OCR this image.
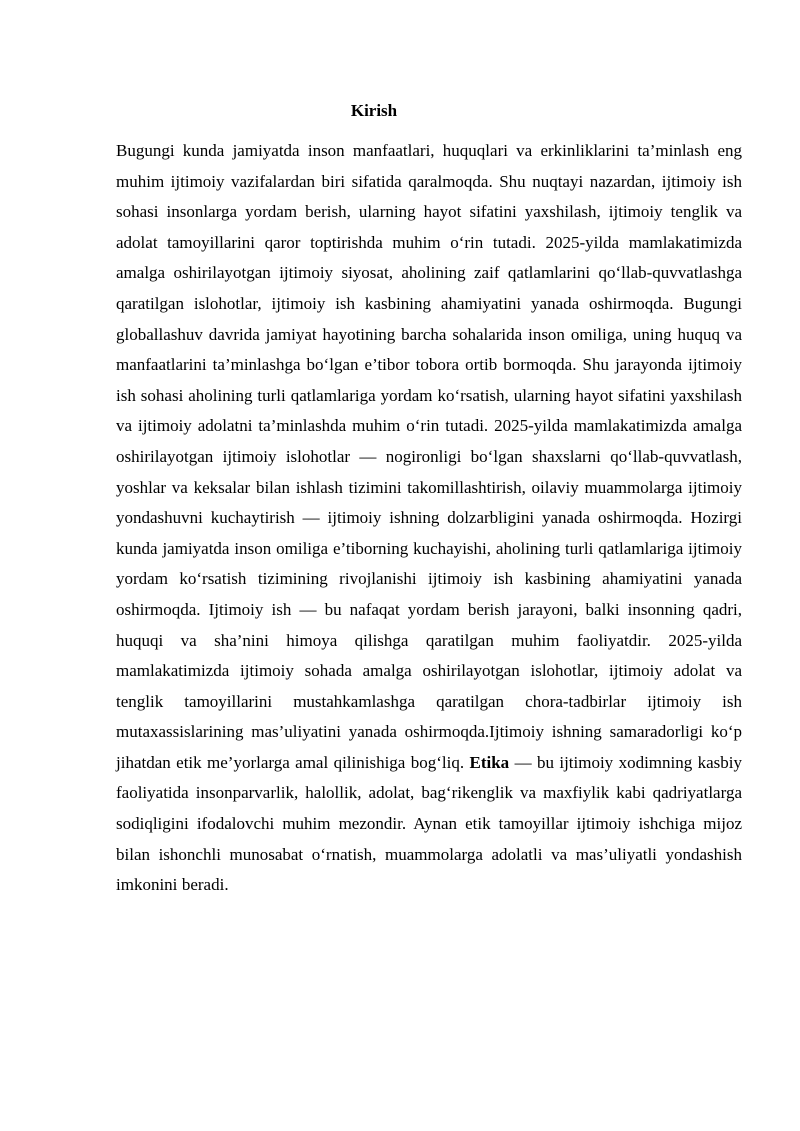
Kirish

Bugungi kunda jamiyatda inson manfaatlari, huquqlari va erkinliklarini ta’minlash eng muhim ijtimoiy vazifalardan biri sifatida qaralmoqda. Shu nuqtayi nazardan, ijtimoiy ish sohasi insonlarga yordam berish, ularning hayot sifatini yaxshilash, ijtimoiy tenglik va adolat tamoyillarini qaror toptirishda muhim o‘rin tutadi. 2025-yilda mamlakatimizda amalga oshirilayotgan ijtimoiy siyosat, aholining zaif qatlamlarini qo‘llab-quvvatlashga qaratilgan islohotlar, ijtimoiy ish kasbining ahamiyatini yanada oshirmoqda. Bugungi globallashuv davrida jamiyat hayotining barcha sohalarida inson omiliga, uning huquq va manfaatlarini ta’minlashga bo‘lgan e’tibor tobora ortib bormoqda. Shu jarayonda ijtimoiy ish sohasi aholining turli qatlamlariga yordam ko‘rsatish, ularning hayot sifatini yaxshilash va ijtimoiy adolatni ta’minlashda muhim o‘rin tutadi. 2025-yilda mamlakatimizda amalga oshirilayotgan ijtimoiy islohotlar — nogironligi bo‘lgan shaxslarni qo‘llab-quvvatlash, yoshlar va keksalar bilan ishlash tizimini takomillashtirish, oilaviy muammolarga ijtimoiy yondashuvni kuchaytirish — ijtimoiy ishning dolzarbligini yanada oshirmoqda. Hozirgi kunda jamiyatda inson omiliga e’tiborning kuchayishi, aholining turli qatlamlariga ijtimoiy yordam ko‘rsatish tizimining rivojlanishi ijtimoiy ish kasbining ahamiyatini yanada oshirmoqda. Ijtimoiy ish — bu nafaqat yordam berish jarayoni, balki insonning qadri, huquqi va sha’nini himoya qilishga qaratilgan muhim faoliyatdir. 2025-yilda mamlakatimizda ijtimoiy sohada amalga oshirilayotgan islohotlar, ijtimoiy adolat va tenglik tamoyillarini mustahkamlashga qaratilgan chora-tadbirlar ijtimoiy ish mutaxassislarining mas’uliyatini yanada oshirmoqda.Ijtimoiy ishning samaradorligi ko‘p jihatdan etik me’yorlarga amal qilinishiga bog‘liq. Etika — bu ijtimoiy xodimning kasbiy faoliyatida insonparvarlik, halollik, adolat, bag‘rikenglik va maxfiylik kabi qadriyatlarga sodiqligini ifodalovchi muhim mezondir. Aynan etik tamoyillar ijtimoiy ishchiga mijoz bilan ishonchli munosabat o‘rnatish, muammolarga adolatli va mas’uliyatli yondashish imkonini beradi.
